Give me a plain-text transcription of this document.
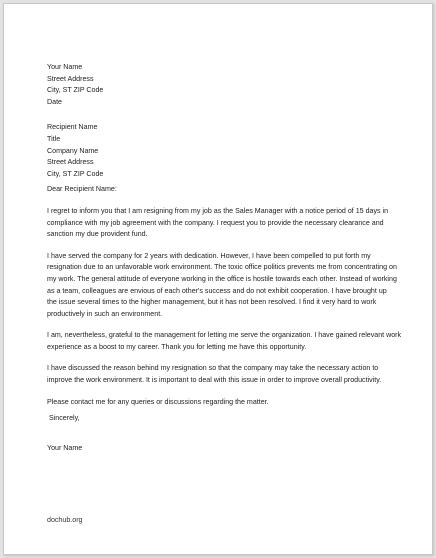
Your Name
Street Address
City, ST ZIP Code
Date
Recipient Name
Title
Company Name
Street Address
City, ST ZIP Code
Dear Recipient Name:
I regret to inform you that I am resigning from my job as the Sales Manager with a notice period of 15 days in compliance with my job agreement with the company. I request you to provide the necessary clearance and sanction my due provident fund.
I have served the company for 2 years with dedication. However, I have been compelled to put forth my resignation due to an unfavorable work environment. The toxic office politics prevents me from concentrating on my work. The general attitude of everyone working in the office is hostile towards each other. Instead of working as a team, colleagues are envious of each other's success and do not exhibit cooperation. I have brought up the issue several times to the higher management, but it has not been resolved. I find it very hard to work productively in such an environment.
I am, nevertheless, grateful to the management for letting me serve the organization. I have gained relevant work experience as a boost to my career. Thank you for letting me have this opportunity.
I have discussed the reason behind my resignation so that the company may take the necessary action to improve the work environment. It is important to deal with this issue in order to improve overall productivity.
Please contact me for any queries or discussions regarding the matter.
Sincerely,
Your Name
dochub.org
